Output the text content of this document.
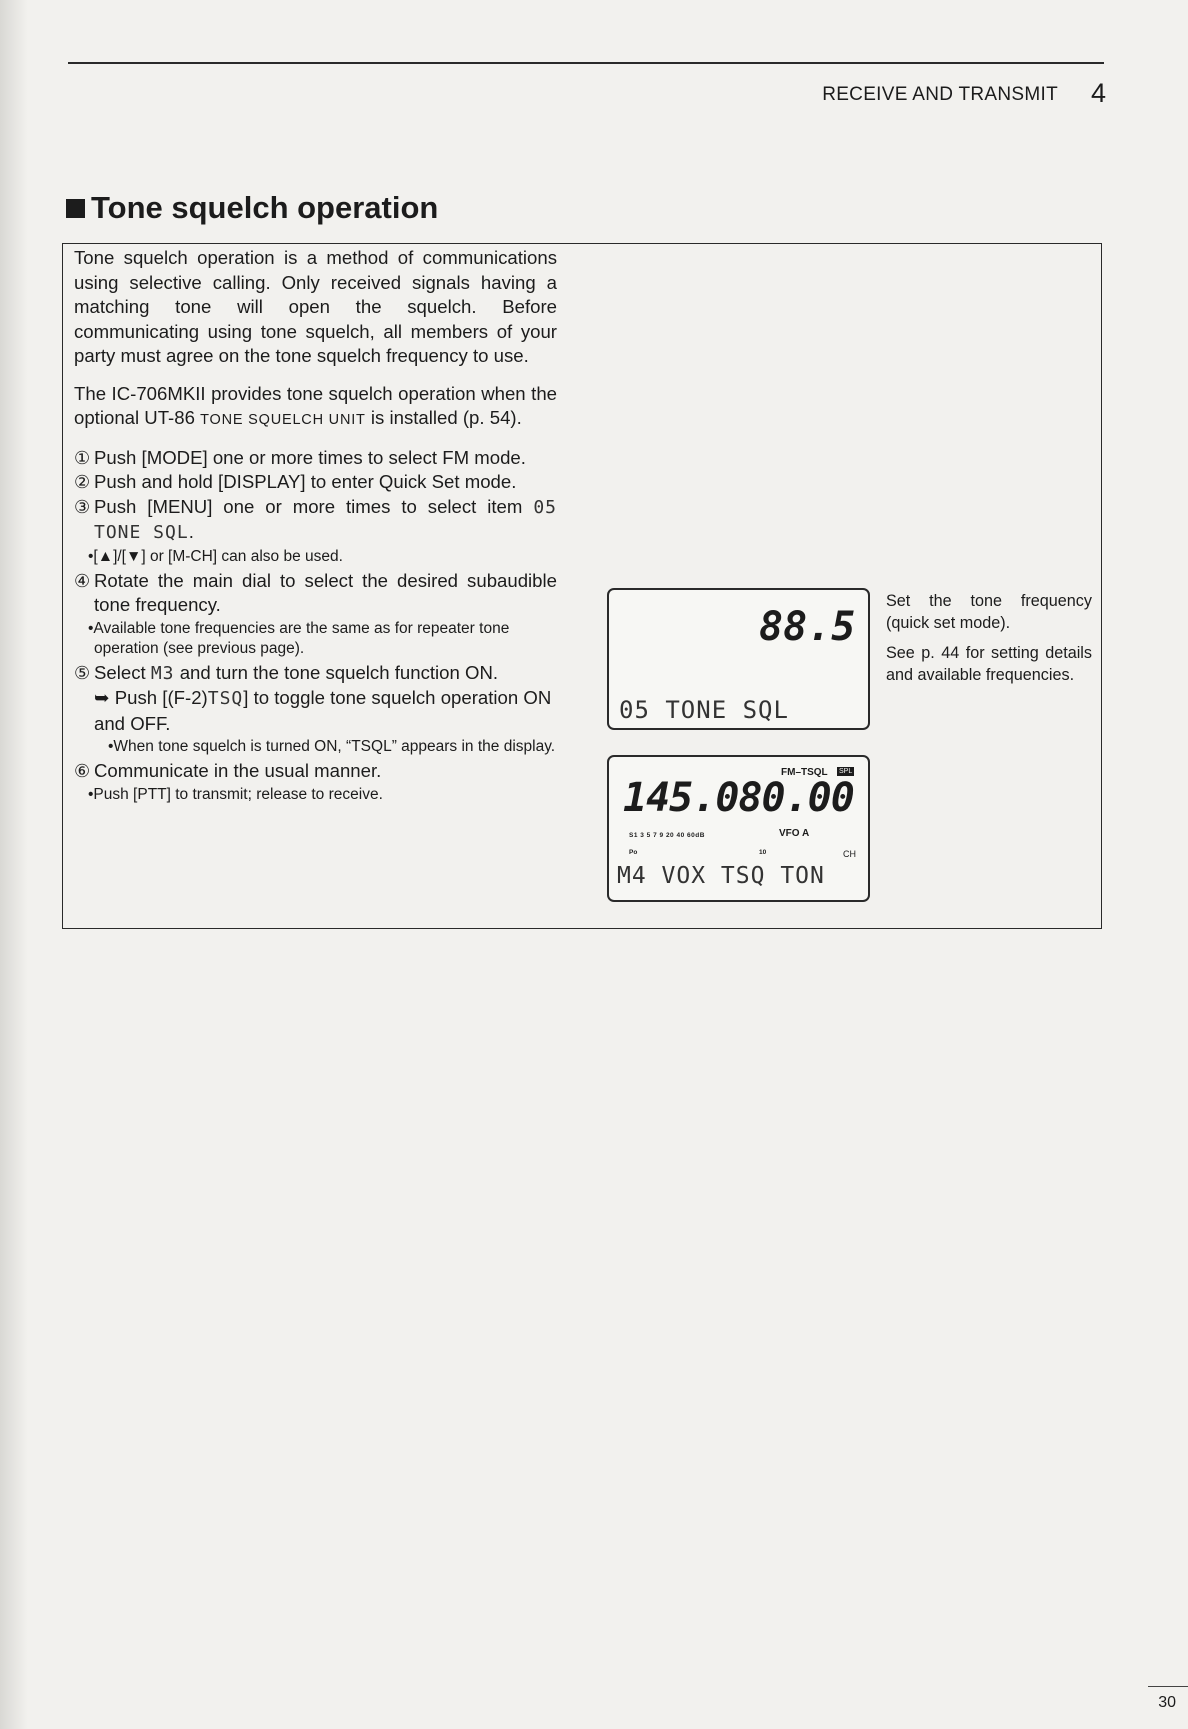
RECEIVE AND TRANSMIT 4
Tone squelch operation

Tone squelch operation is a method of communications using selective calling. Only received signals having a matching tone will open the squelch. Before communicating using tone squelch, all members of your party must agree on the tone squelch frequency to use.

The IC-706MKII provides tone squelch operation when the optional UT-86 TONE SQUELCH UNIT is installed (p. 54).

① Push [MODE] one or more times to select FM mode.
② Push and hold [DISPLAY] to enter Quick Set mode.
③ Push [MENU] one or more times to select item 05 TONE SQL.
•[▲]/[▼] or [M-CH] can also be used.
④ Rotate the main dial to select the desired subaudible tone frequency.
•Available tone frequencies are the same as for repeater tone operation (see previous page).
⑤ Select M3 and turn the tone squelch function ON.
➥ Push [(F-2)TSQ] to toggle tone squelch operation ON and OFF.
•When tone squelch is turned ON, “TSQL” appears in the display.
⑥ Communicate in the usual manner.
•Push [PTT] to transmit; release to receive.
88.5
05 TONE SQL
FM–TSQL SPL
145.080.00
S1 3 5 7 9 20 40 60dB	VFO A
Po	10	CH
M4 VOX TSQ TON
Set the tone frequency (quick set mode).
See p. 44 for setting details and available frequencies.
30
